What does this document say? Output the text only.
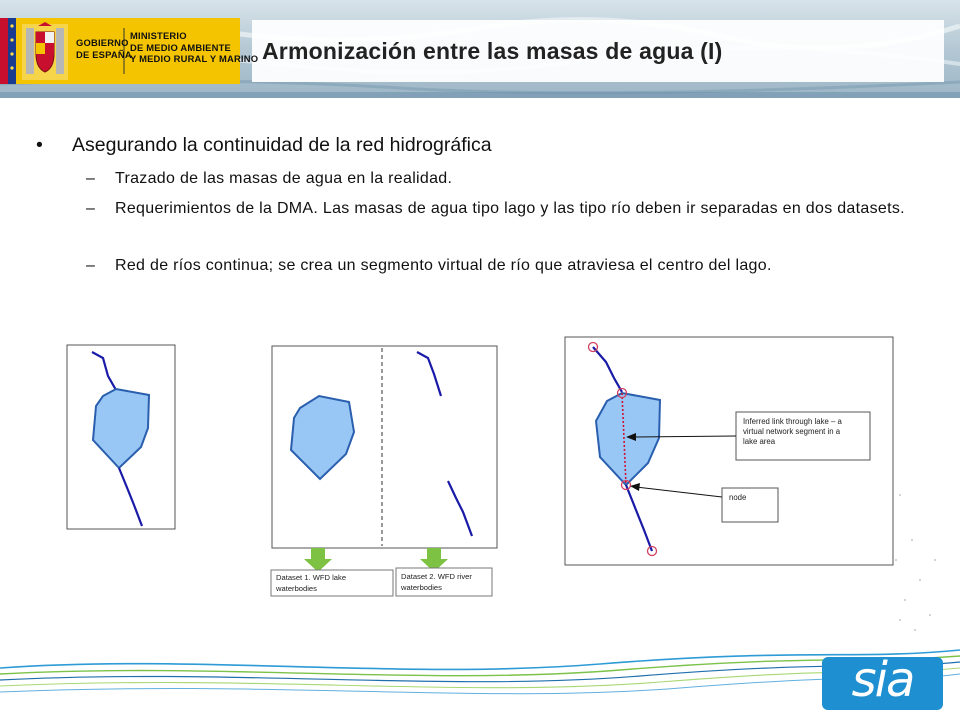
Armonización entre las masas de agua (I)
GOBIERNO
DE ESPAÑA
MINISTERIO
DE MEDIO AMBIENTE
Y MEDIO RURAL Y MARINO
• Asegurando la continuidad de la red hidrográfica
– Trazado de las masas de agua en la realidad.
– Requerimientos de la DMA. Las masas de agua tipo lago y las tipo río deben ir separadas en dos datasets.
– Red de ríos continua; se crea un segmento virtual de río que atraviesa el centro del lago.
Dataset 1. WFD lake
waterbodies
Dataset 2. WFD river
waterbodies
Inferred link through lake – a
virtual network segment in a
lake area
node
sia
